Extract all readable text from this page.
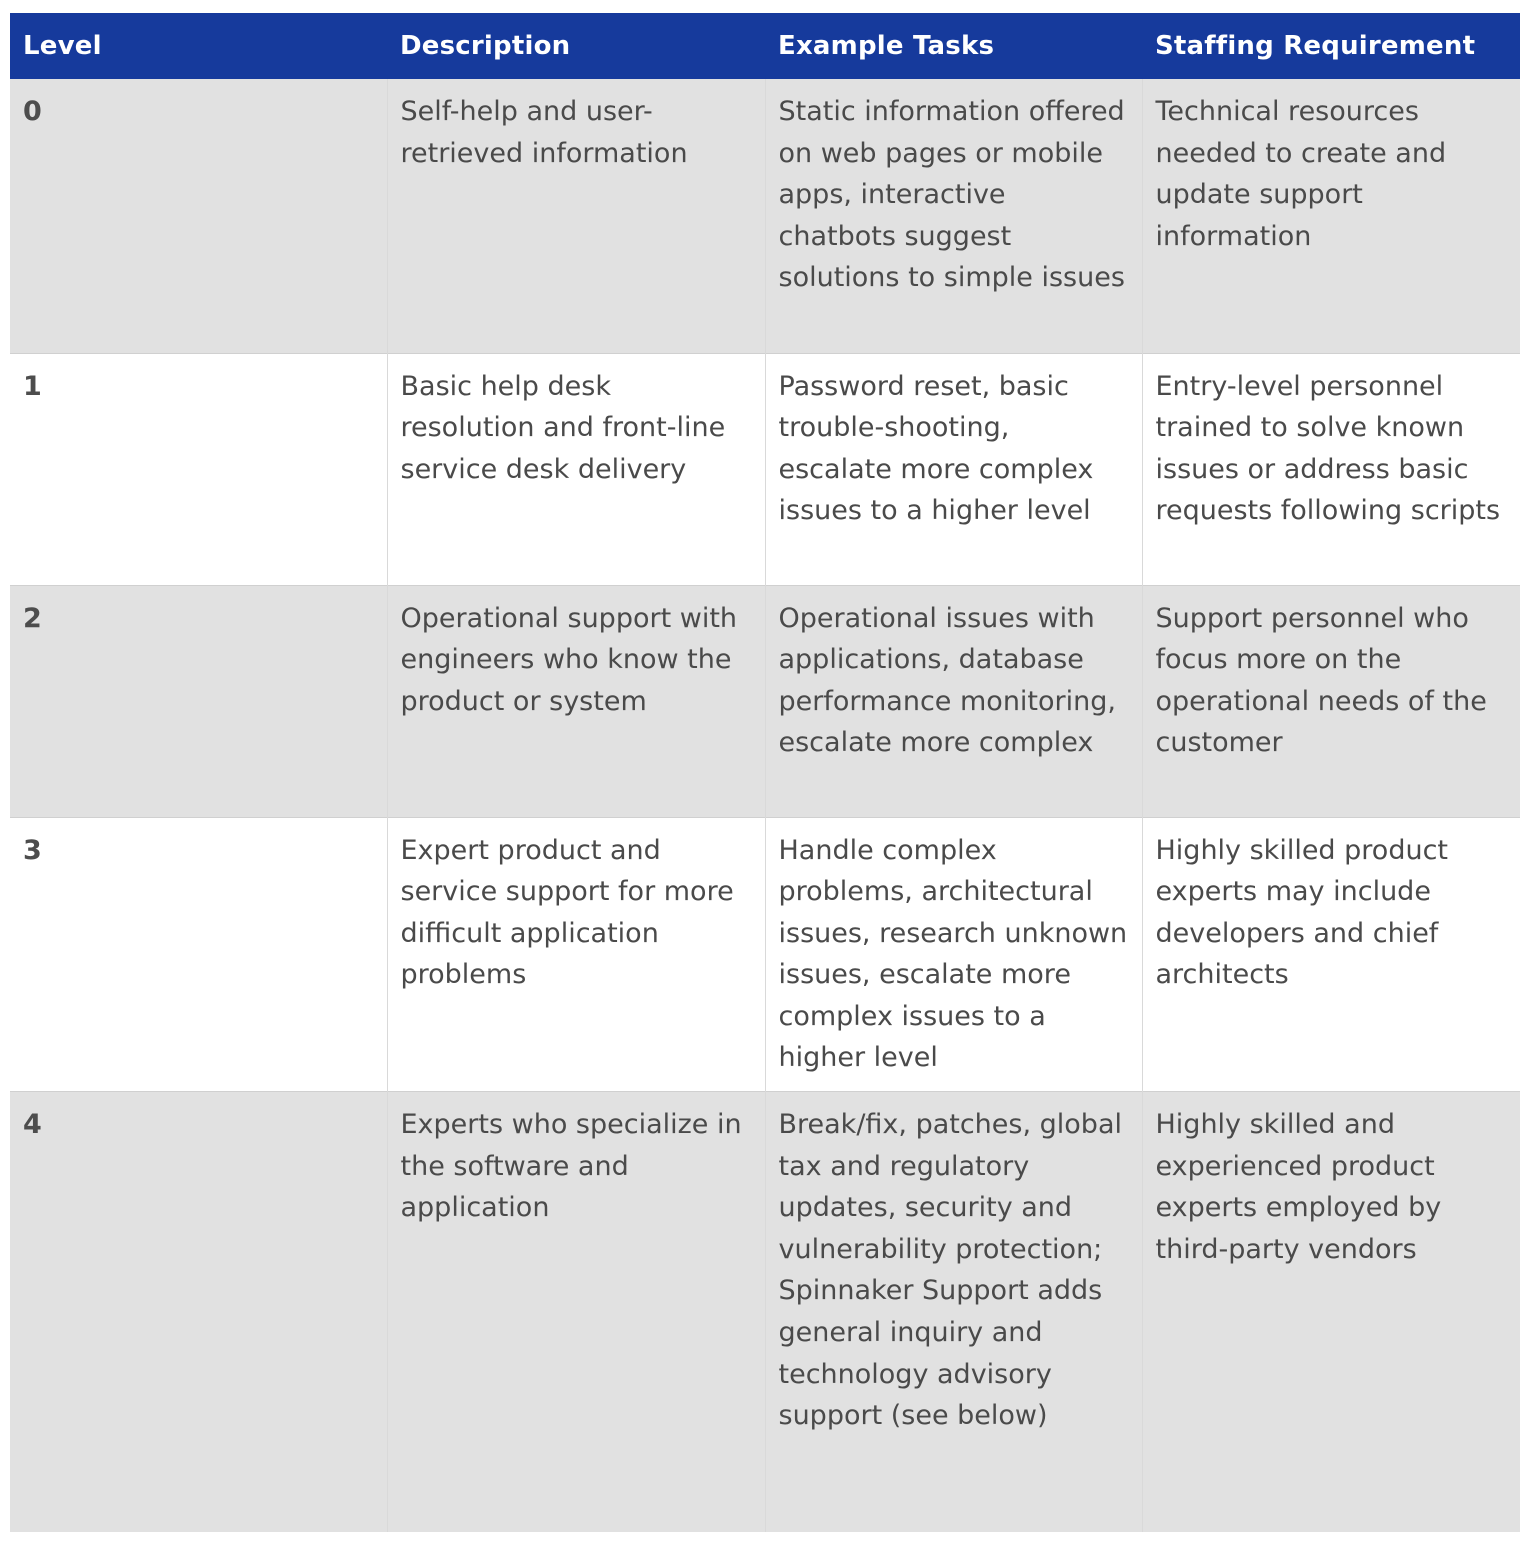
Level	Description	Example Tasks	Staffing Requirement
0	Self-help and user-retrieved information	Static information offered on web pages or mobile apps, interactive chatbots suggest solutions to simple issues	Technical resources needed to create and update support information
1	Basic help desk resolution and front-line service desk delivery	Password reset, basic trouble-shooting, escalate more complex issues to a higher level	Entry-level personnel trained to solve known issues or address basic requests following scripts
2	Operational support with engineers who know the product or system	Operational issues with applications, database performance monitoring, escalate more complex	Support personnel who focus more on the operational needs of the customer
3	Expert product and service support for more difficult application problems	Handle complex problems, architectural issues, research unknown issues, escalate more complex issues to a higher level	Highly skilled product experts may include developers and chief architects
4	Experts who specialize in the software and application	Break/fix, patches, global tax and regulatory updates, security and vulnerability protection; Spinnaker Support adds general inquiry and technology advisory support (see below)	Highly skilled and experienced product experts employed by third-party vendors
